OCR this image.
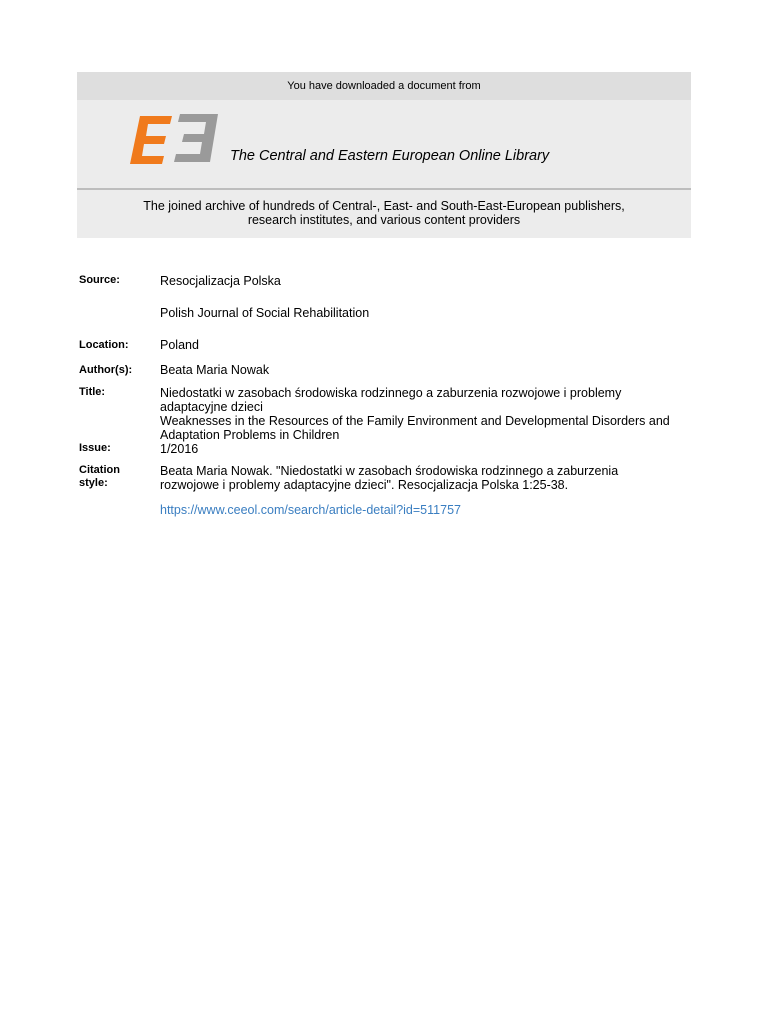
You have downloaded a document from
The Central and Eastern European Online Library
The joined archive of hundreds of Central-, East- and South-East-European publishers,
research institutes, and various content providers
Source:	Resocjalizacja Polska
Polish Journal of Social Rehabilitation
Location:	Poland
Author(s):	Beata Maria Nowak
Title:	Niedostatki w zasobach środowiska rodzinnego a zaburzenia rozwojowe i problemy
adaptacyjne dzieci
Weaknesses in the Resources of the Family Environment and Developmental Disorders and
Adaptation Problems in Children
Issue:	1/2016
Citation
style:
Beata Maria Nowak. "Niedostatki w zasobach środowiska rodzinnego a zaburzenia
rozwojowe i problemy adaptacyjne dzieci". Resocjalizacja Polska 1:25-38.
https://www.ceeol.com/search/article-detail?id=511757
